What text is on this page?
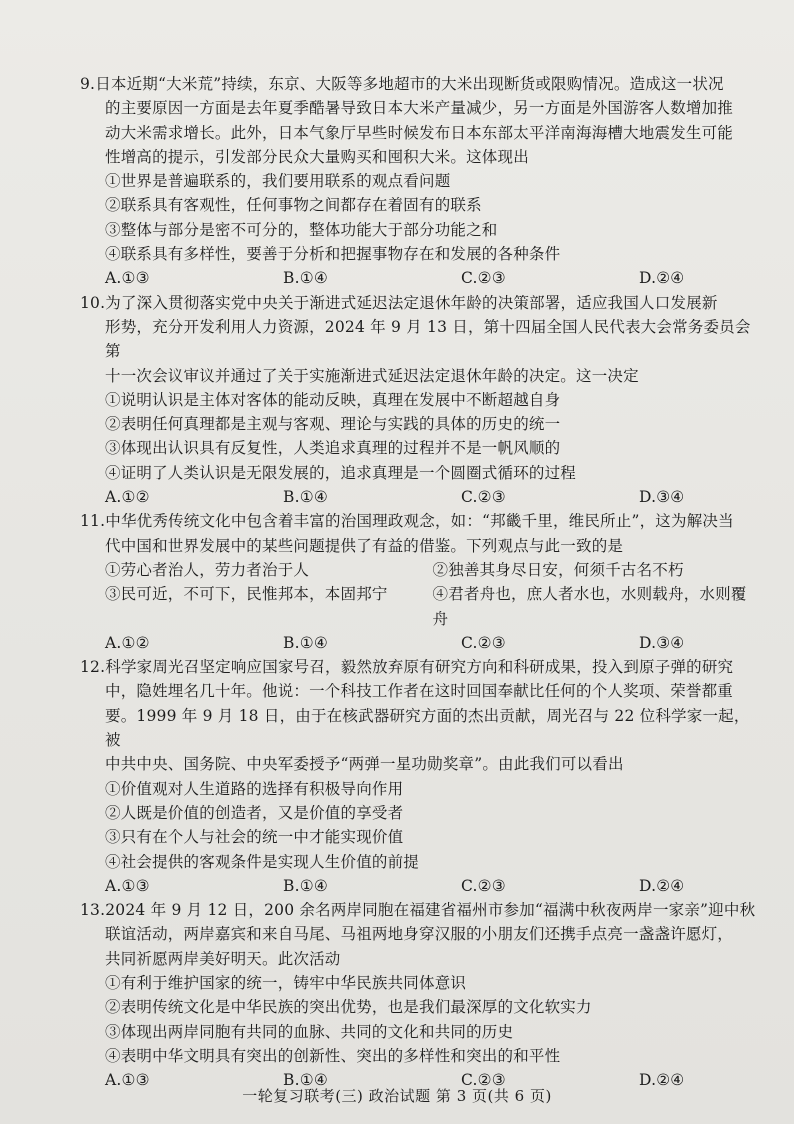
9.日本近期“大米荒”持续，东京、大阪等多地超市的大米出现断货或限购情况。造成这一状况
的主要原因一方面是去年夏季酷暑导致日本大米产量减少，另一方面是外国游客人数增加推
动大米需求增长。此外，日本气象厅早些时候发布日本东部太平洋南海海槽大地震发生可能
性增高的提示，引发部分民众大量购买和囤积大米。这体现出
①世界是普遍联系的，我们要用联系的观点看问题
②联系具有客观性，任何事物之间都存在着固有的联系
③整体与部分是密不可分的，整体功能大于部分功能之和
④联系具有多样性，要善于分析和把握事物存在和发展的各种条件
A.①③	B.①④	C.②③	D.②④
10.为了深入贯彻落实党中央关于渐进式延迟法定退休年龄的决策部署，适应我国人口发展新
形势，充分开发利用人力资源，2024 年 9 月 13 日，第十四届全国人民代表大会常务委员会第
十一次会议审议并通过了关于实施渐进式延迟法定退休年龄的决定。这一决定
①说明认识是主体对客体的能动反映，真理在发展中不断超越自身
②表明任何真理都是主观与客观、理论与实践的具体的历史的统一
③体现出认识具有反复性，人类追求真理的过程并不是一帆风顺的
④证明了人类认识是无限发展的，追求真理是一个圆圈式循环的过程
A.①②	B.①④	C.②③	D.③④
11.中华优秀传统文化中包含着丰富的治国理政观念，如：“邦畿千里，维民所止”，这为解决当
代中国和世界发展中的某些问题提供了有益的借鉴。下列观点与此一致的是
①劳心者治人，劳力者治于人	②独善其身尽日安，何须千古名不朽
③民可近，不可下，民惟邦本，本固邦宁	④君者舟也，庶人者水也，水则载舟，水则覆舟
A.①②	B.①④	C.②③	D.③④
12.科学家周光召坚定响应国家号召，毅然放弃原有研究方向和科研成果，投入到原子弹的研究
中，隐姓埋名几十年。他说：一个科技工作者在这时回国奉献比任何的个人奖项、荣誉都重
要。1999 年 9 月 18 日，由于在核武器研究方面的杰出贡献，周光召与 22 位科学家一起，被
中共中央、国务院、中央军委授予“两弹一星功勋奖章”。由此我们可以看出
①价值观对人生道路的选择有积极导向作用
②人既是价值的创造者，又是价值的享受者
③只有在个人与社会的统一中才能实现价值
④社会提供的客观条件是实现人生价值的前提
A.①③	B.①④	C.②③	D.②④
13.2024 年 9 月 12 日，200 余名两岸同胞在福建省福州市参加“福满中秋夜两岸一家亲”迎中秋
联谊活动，两岸嘉宾和来自马尾、马祖两地身穿汉服的小朋友们还携手点亮一盏盏许愿灯，
共同祈愿两岸美好明天。此次活动
①有利于维护国家的统一，铸牢中华民族共同体意识
②表明传统文化是中华民族的突出优势，也是我们最深厚的文化软实力
③体现出两岸同胞有共同的血脉、共同的文化和共同的历史
④表明中华文明具有突出的创新性、突出的多样性和突出的和平性
A.①③	B.①④	C.②③	D.②④
一轮复习联考(三) 政治试题 第 3 页(共 6 页)
